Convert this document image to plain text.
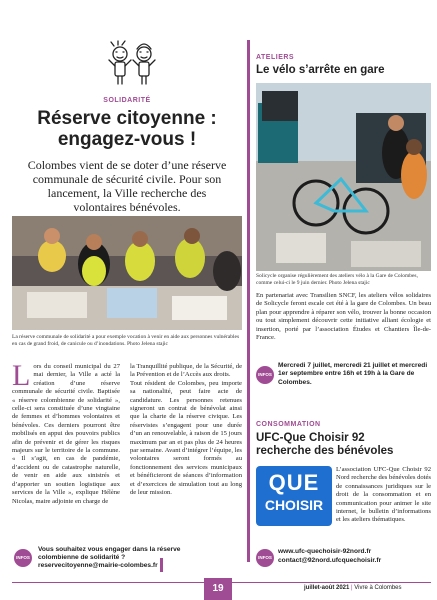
SOLIDARITÉ

Réserve citoyenne :

engagez-vous !

Colombes vient de se doter d’une réserve communale de sécurité civile. Pour son lancement, la Ville recherche des volontaires bénévoles.
La réserve communale de solidarité a pour exemple vocation à venir en aide aux personnes vulnérables en cas de grand froid, de canicule ou d’inondations. Photo Jelena stajic
Lors du conseil municipal du 27 mai dernier, la Ville a acté la création d’une réserve communale de sécurité civile. Baptisée « réserve colombienne de solidarité », celle-ci sera constituée d’une vingtaine de femmes et d’hommes volontaires et bénévoles. Ces derniers pourront être mobilisés en appui des pouvoirs publics afin de prévenir et de gérer les risques majeurs sur le territoire de la commune. « Il s’agit, en cas de pandémie, d’accident ou de catastrophe naturelle, de venir en aide aux sinistrés et d’apporter un soutien logistique aux services de la Ville », explique Hélène Nicolas, maire adjointe en charge de
la Tranquillité publique, de la Sécurité, de la Prévention et de l’Accès aux droits.
Tout résident de Colombes, peu importe sa nationalité, peut faire acte de candidature. Les personnes retenues signeront un contrat de bénévolat ainsi que la charte de la réserve civique. Les réservistes s’engagent pour une durée d’un an renouvelable, à raison de 15 jours maximum par an et pas plus de 24 heures par semaine. Avant d’intégrer l’équipe, les volontaires seront formés au fonctionnement des services municipaux et bénéficieront de séances d’information et d’exercices de simulation tout au long de leur mission.
INFOS
Vous souhaitez vous engager dans la réserve
colombienne de solidarité ?
reservecitoyenne@mairie-colombes.fr
ATELIERS
Le vélo s’arrête en gare
Solicycle organise régulièrement des ateliers vélo à la Gare de Colombes, comme celui-ci le 9 juin dernier. Photo Jelena stajic
En partenariat avec Transilien SNCF, les ateliers vélos solidaires de Solicycle feront escale cet été à la gare de Colombes. Un beau plan pour apprendre à réparer son vélo, trouver la bonne occasion ou tout simplement découvrir cette initiative alliant écologie et insertion, porté par l’association Études et Chantiers Île-de-France.
INFOS
Mercredi 7 juillet, mercredi 21 juillet et mercredi 1er septembre entre 16h et 19h à la Gare de Colombes.
CONSOMMATION
UFC-Que Choisir 92
recherche des bénévoles
QUE
CHOISIR
L’association UFC-Que Choisir 92 Nord recherche des bénévoles dotés de connaissances juridiques sur le droit de la consommation et en communication pour animer le site internet, le bulletin d’informations et les ateliers thématiques.
INFOS
www.ufc-quechoisir-92nord.fr
contact@92nord.ufcquechoisir.fr
19	juillet-août 2021 | Vivre à Colombes
